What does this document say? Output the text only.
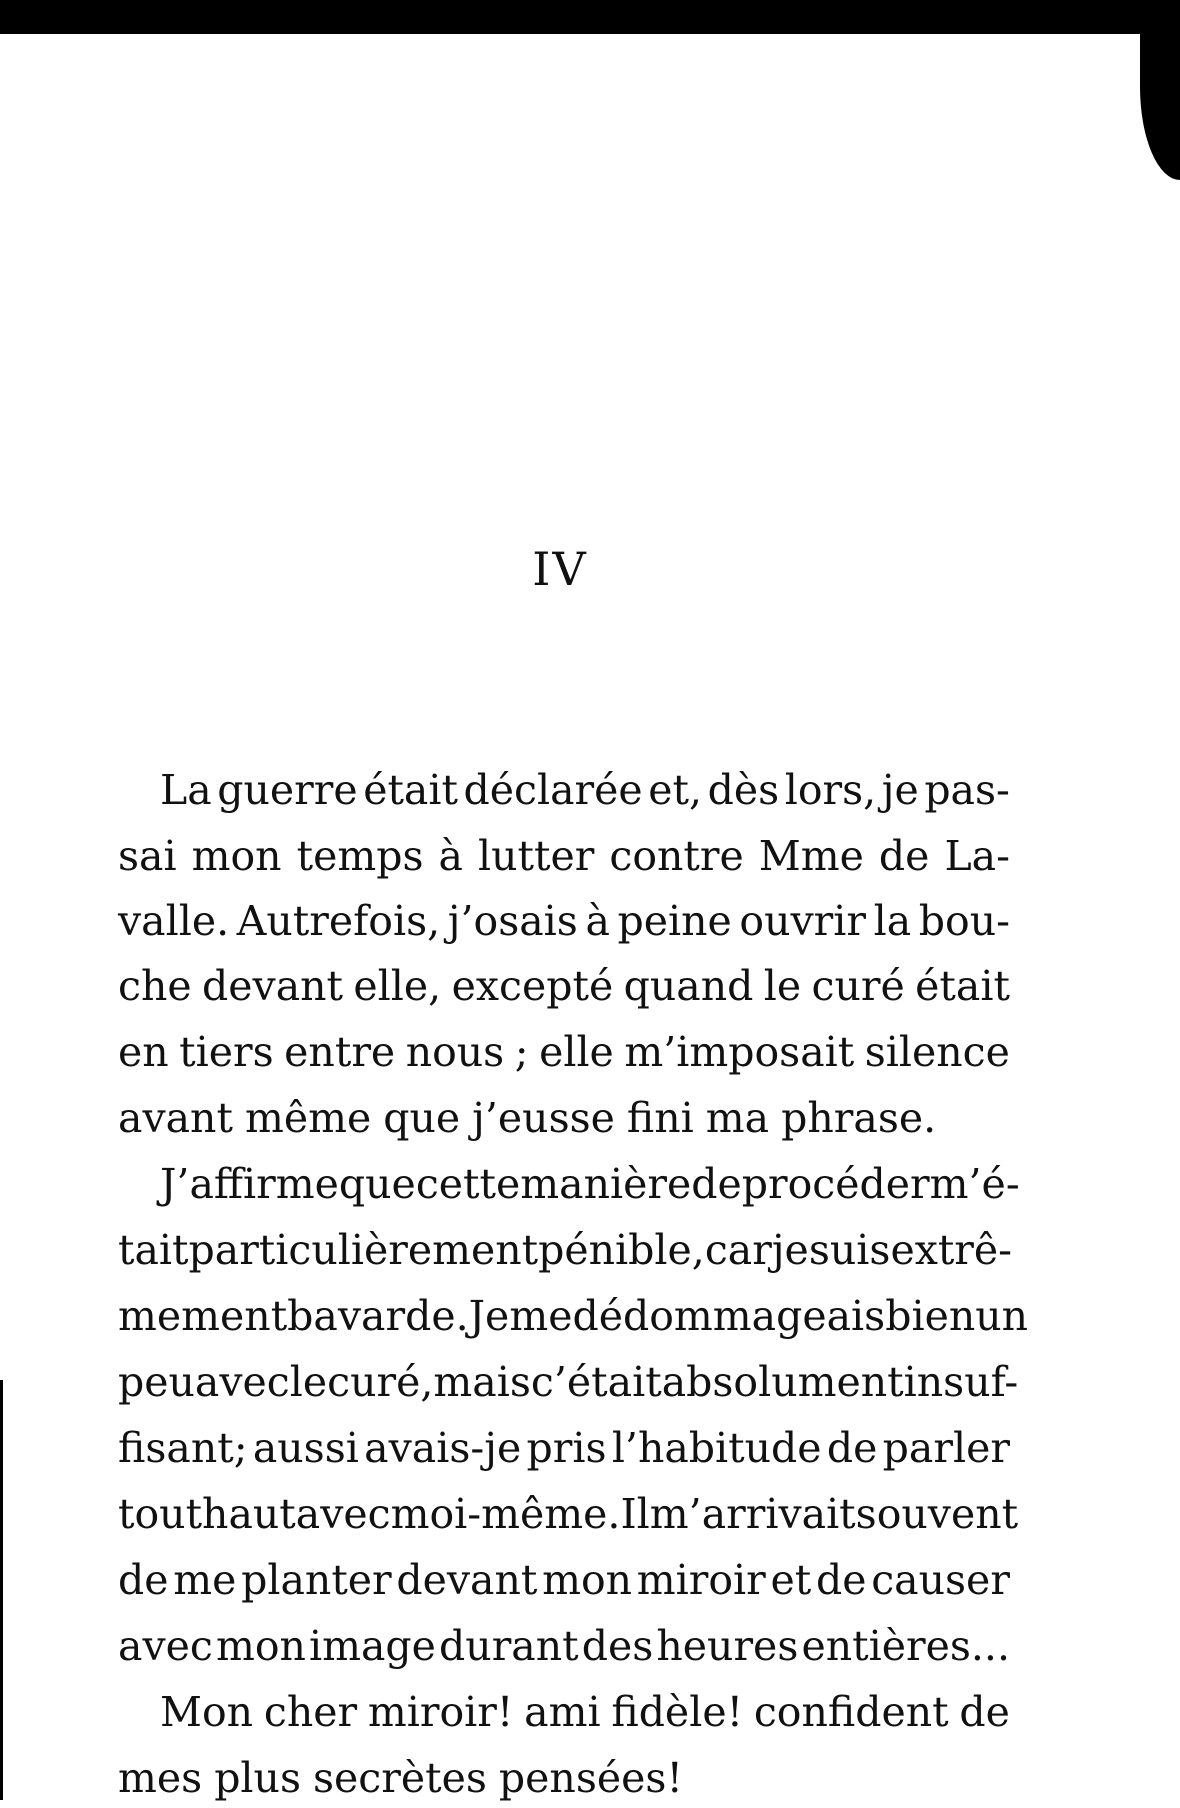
IV
La guerre était déclarée et, dès lors, je pas-
sai mon temps à lutter contre Mme de La-
valle. Autrefois, j’osais à peine ouvrir la bou-
che devant elle, excepté quand le curé était
en tiers entre nous ; elle m’imposait silence
avant même que j’eusse fini ma phrase.
J’affirme que cette manière de procéder m’é-
tait particulièrement pénible, car je suis extrê-
mement bavarde. Je me dédommageais bien un
peu avec le curé, mais c’était absolument insuf-
fisant; aussi avais-je pris l’habitude de parler
tout haut avec moi-même. Il m’arrivait souvent
de me planter devant mon miroir et de causer
avec mon image durant des heures entières...
Mon cher miroir! ami fidèle! confident de
mes plus secrètes pensées!
